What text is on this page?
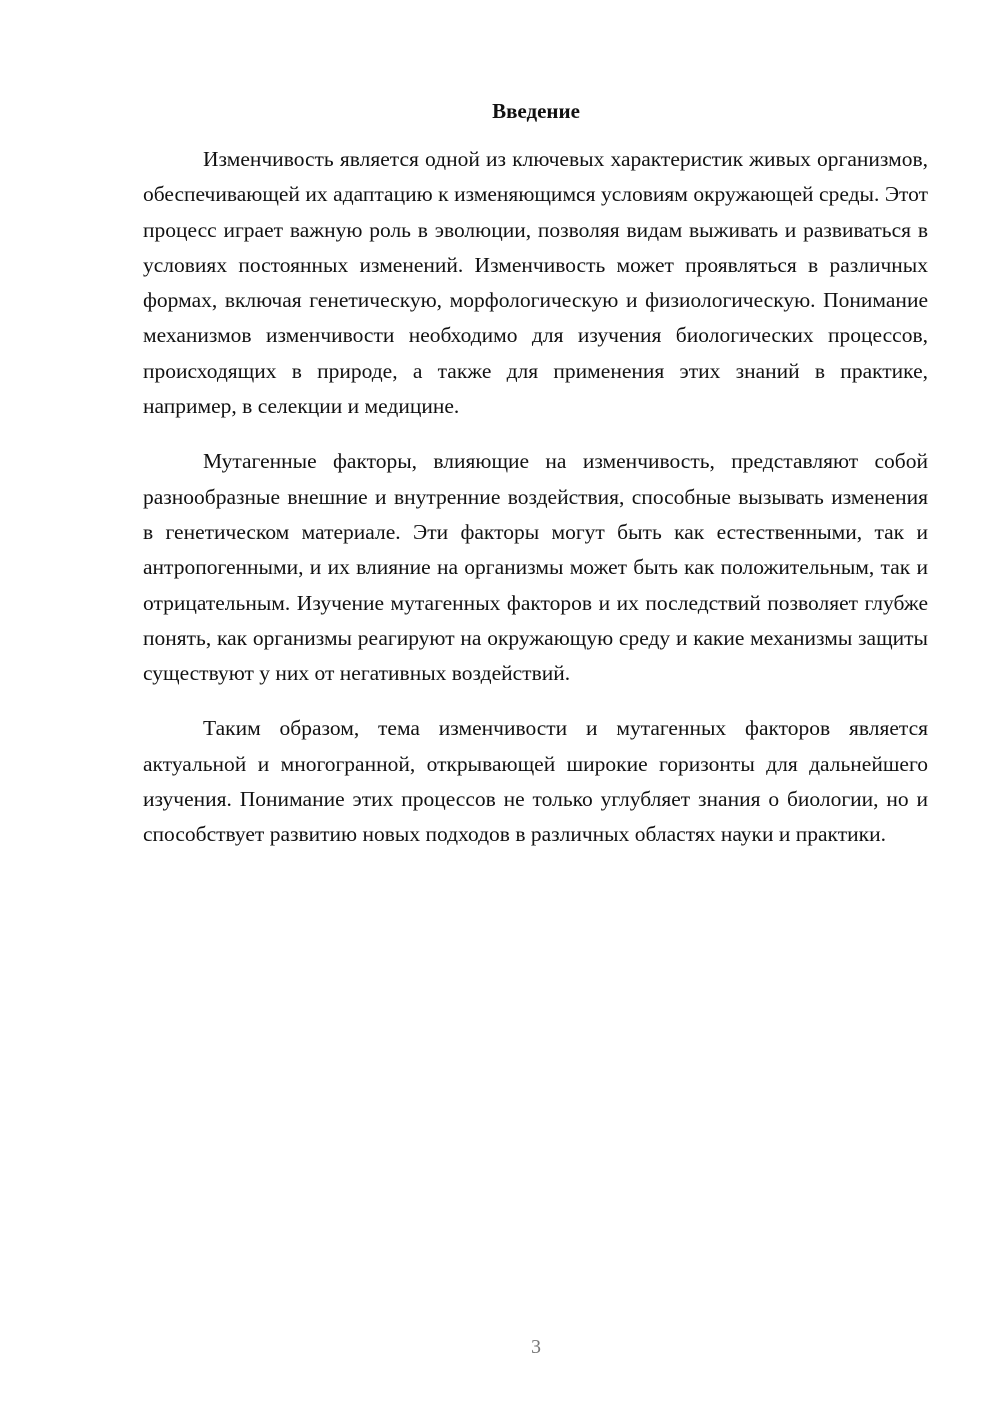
Введение

Изменчивость является одной из ключевых характеристик живых организмов, обеспечивающей их адаптацию к изменяющимся условиям окружающей среды. Этот процесс играет важную роль в эволюции, позволяя видам выживать и развиваться в условиях постоянных изменений. Изменчивость может проявляться в различных формах, включая генетическую, морфологическую и физиологическую. Понимание механизмов изменчивости необходимо для изучения биологических процессов, происходящих в природе, а также для применения этих знаний в практике, например, в селекции и медицине.

Мутагенные факторы, влияющие на изменчивость, представляют собой разнообразные внешние и внутренние воздействия, способные вызывать изменения в генетическом материале. Эти факторы могут быть как естественными, так и антропогенными, и их влияние на организмы может быть как положительным, так и отрицательным. Изучение мутагенных факторов и их последствий позволяет глубже понять, как организмы реагируют на окружающую среду и какие механизмы защиты существуют у них от негативных воздействий.

Таким образом, тема изменчивости и мутагенных факторов является актуальной и многогранной, открывающей широкие горизонты для дальнейшего изучения. Понимание этих процессов не только углубляет знания о биологии, но и способствует развитию новых подходов в различных областях науки и практики.

3
